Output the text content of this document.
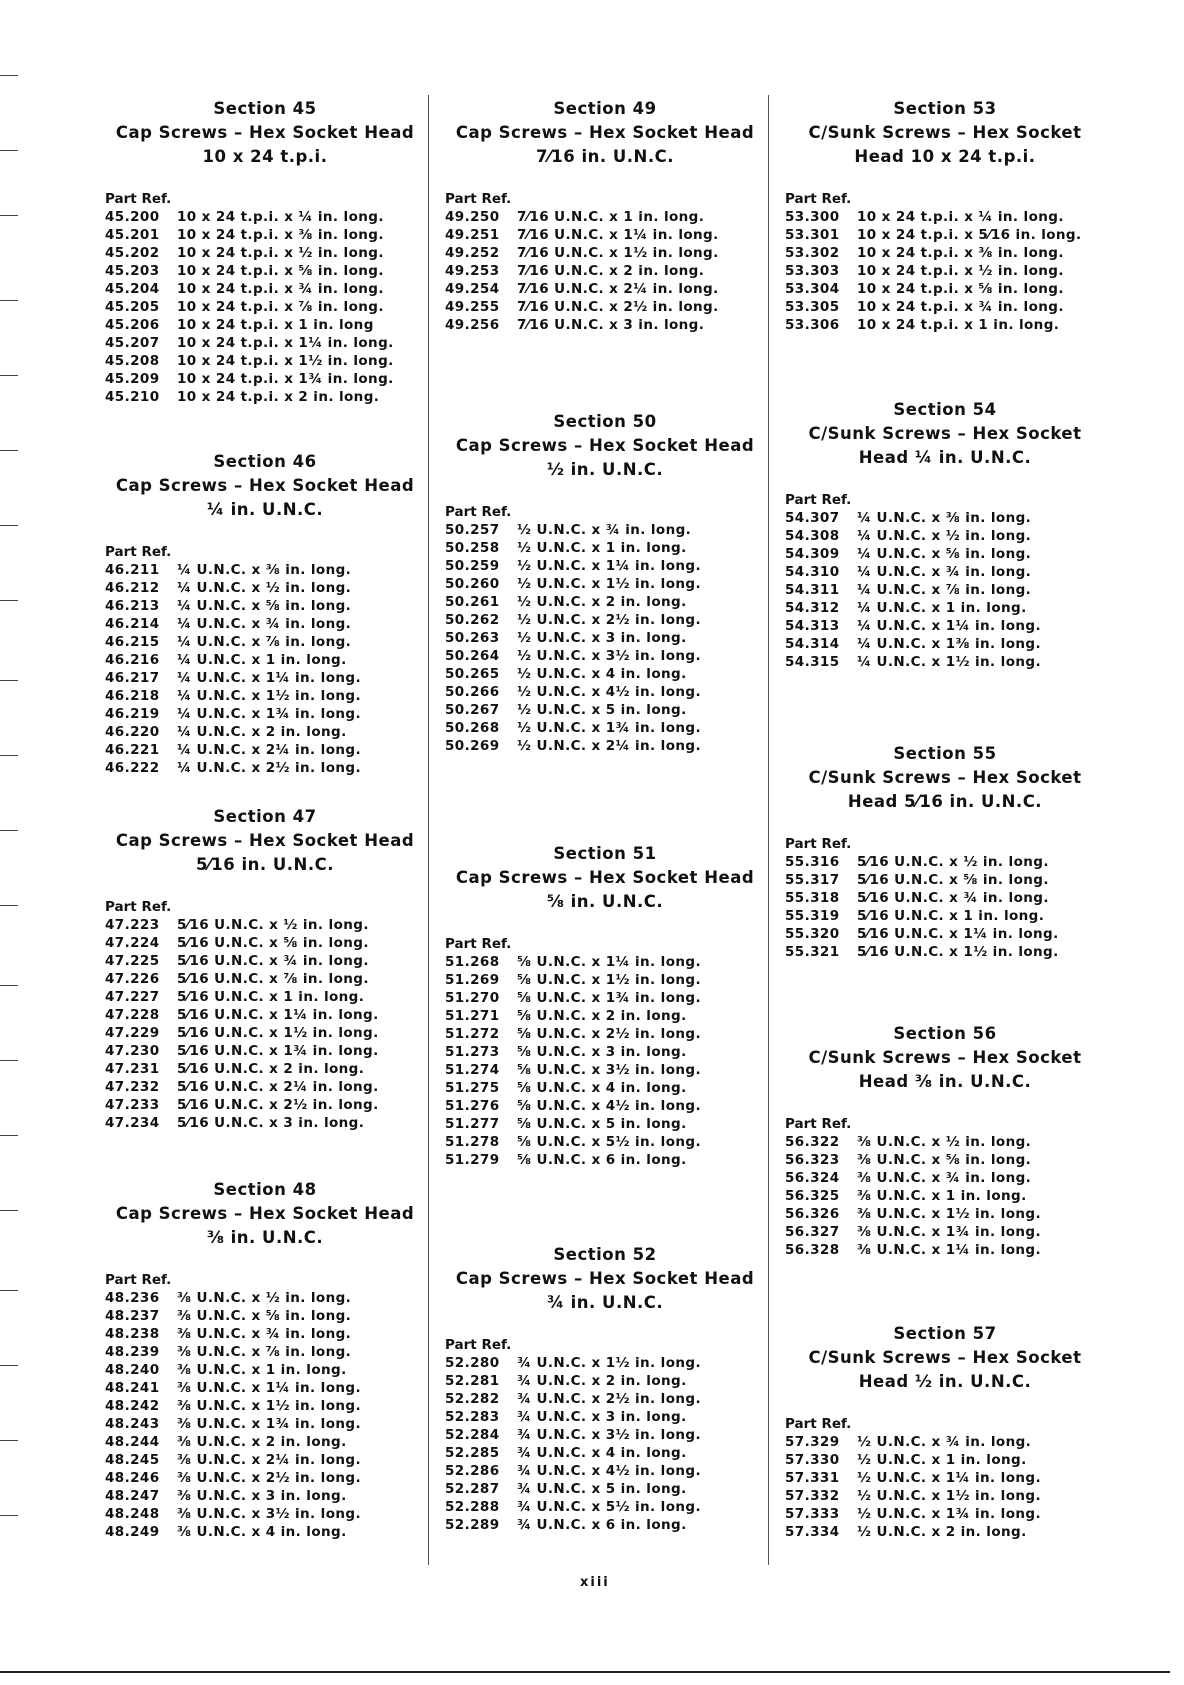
Section 45
Cap Screws – Hex Socket Head
10 x 24 t.p.i.
Part Ref.
45.200	10 x 24 t.p.i. x ¼ in. long.
45.201	10 x 24 t.p.i. x ⅜ in. long.
45.202	10 x 24 t.p.i. x ½ in. long.
45.203	10 x 24 t.p.i. x ⅝ in. long.
45.204	10 x 24 t.p.i. x ¾ in. long.
45.205	10 x 24 t.p.i. x ⅞ in. long.
45.206	10 x 24 t.p.i. x 1 in. long
45.207	10 x 24 t.p.i. x 1¼ in. long.
45.208	10 x 24 t.p.i. x 1½ in. long.
45.209	10 x 24 t.p.i. x 1¾ in. long.
45.210	10 x 24 t.p.i. x 2 in. long.
Section 46
Cap Screws – Hex Socket Head
¼ in. U.N.C.
Part Ref.
46.211	¼ U.N.C. x ⅜ in. long.
46.212	¼ U.N.C. x ½ in. long.
46.213	¼ U.N.C. x ⅝ in. long.
46.214	¼ U.N.C. x ¾ in. long.
46.215	¼ U.N.C. x ⅞ in. long.
46.216	¼ U.N.C. x 1 in. long.
46.217	¼ U.N.C. x 1¼ in. long.
46.218	¼ U.N.C. x 1½ in. long.
46.219	¼ U.N.C. x 1¾ in. long.
46.220	¼ U.N.C. x 2 in. long.
46.221	¼ U.N.C. x 2¼ in. long.
46.222	¼ U.N.C. x 2½ in. long.
Section 47
Cap Screws – Hex Socket Head
5⁄16 in. U.N.C.
Part Ref.
47.223	5⁄16 U.N.C. x ½ in. long.
47.224	5⁄16 U.N.C. x ⅝ in. long.
47.225	5⁄16 U.N.C. x ¾ in. long.
47.226	5⁄16 U.N.C. x ⅞ in. long.
47.227	5⁄16 U.N.C. x 1 in. long.
47.228	5⁄16 U.N.C. x 1¼ in. long.
47.229	5⁄16 U.N.C. x 1½ in. long.
47.230	5⁄16 U.N.C. x 1¾ in. long.
47.231	5⁄16 U.N.C. x 2 in. long.
47.232	5⁄16 U.N.C. x 2¼ in. long.
47.233	5⁄16 U.N.C. x 2½ in. long.
47.234	5⁄16 U.N.C. x 3 in. long.
Section 48
Cap Screws – Hex Socket Head
⅜ in. U.N.C.
Part Ref.
48.236	⅜ U.N.C. x ½ in. long.
48.237	⅜ U.N.C. x ⅝ in. long.
48.238	⅜ U.N.C. x ¾ in. long.
48.239	⅜ U.N.C. x ⅞ in. long.
48.240	⅜ U.N.C. x 1 in. long.
48.241	⅜ U.N.C. x 1¼ in. long.
48.242	⅜ U.N.C. x 1½ in. long.
48.243	⅜ U.N.C. x 1¾ in. long.
48.244	⅜ U.N.C. x 2 in. long.
48.245	⅜ U.N.C. x 2¼ in. long.
48.246	⅜ U.N.C. x 2½ in. long.
48.247	⅜ U.N.C. x 3 in. long.
48.248	⅜ U.N.C. x 3½ in. long.
48.249	⅜ U.N.C. x 4 in. long.
Section 49
Cap Screws – Hex Socket Head
7⁄16 in. U.N.C.
Part Ref.
49.250	7⁄16 U.N.C. x 1 in. long.
49.251	7⁄16 U.N.C. x 1¼ in. long.
49.252	7⁄16 U.N.C. x 1½ in. long.
49.253	7⁄16 U.N.C. x 2 in. long.
49.254	7⁄16 U.N.C. x 2¼ in. long.
49.255	7⁄16 U.N.C. x 2½ in. long.
49.256	7⁄16 U.N.C. x 3 in. long.
Section 50
Cap Screws – Hex Socket Head
½ in. U.N.C.
Part Ref.
50.257	½ U.N.C. x ¾ in. long.
50.258	½ U.N.C. x 1 in. long.
50.259	½ U.N.C. x 1¼ in. long.
50.260	½ U.N.C. x 1½ in. long.
50.261	½ U.N.C. x 2 in. long.
50.262	½ U.N.C. x 2½ in. long.
50.263	½ U.N.C. x 3 in. long.
50.264	½ U.N.C. x 3½ in. long.
50.265	½ U.N.C. x 4 in. long.
50.266	½ U.N.C. x 4½ in. long.
50.267	½ U.N.C. x 5 in. long.
50.268	½ U.N.C. x 1¾ in. long.
50.269	½ U.N.C. x 2¼ in. long.
Section 51
Cap Screws – Hex Socket Head
⅝ in. U.N.C.
Part Ref.
51.268	⅝ U.N.C. x 1¼ in. long.
51.269	⅝ U.N.C. x 1½ in. long.
51.270	⅝ U.N.C. x 1¾ in. long.
51.271	⅝ U.N.C. x 2 in. long.
51.272	⅝ U.N.C. x 2½ in. long.
51.273	⅝ U.N.C. x 3 in. long.
51.274	⅝ U.N.C. x 3½ in. long.
51.275	⅝ U.N.C. x 4 in. long.
51.276	⅝ U.N.C. x 4½ in. long.
51.277	⅝ U.N.C. x 5 in. long.
51.278	⅝ U.N.C. x 5½ in. long.
51.279	⅝ U.N.C. x 6 in. long.
Section 52
Cap Screws – Hex Socket Head
¾ in. U.N.C.
Part Ref.
52.280	¾ U.N.C. x 1½ in. long.
52.281	¾ U.N.C. x 2 in. long.
52.282	¾ U.N.C. x 2½ in. long.
52.283	¾ U.N.C. x 3 in. long.
52.284	¾ U.N.C. x 3½ in. long.
52.285	¾ U.N.C. x 4 in. long.
52.286	¾ U.N.C. x 4½ in. long.
52.287	¾ U.N.C. x 5 in. long.
52.288	¾ U.N.C. x 5½ in. long.
52.289	¾ U.N.C. x 6 in. long.
Section 53
C/Sunk Screws – Hex Socket
Head 10 x 24 t.p.i.
Part Ref.
53.300	10 x 24 t.p.i. x ¼ in. long.
53.301	10 x 24 t.p.i. x 5⁄16 in. long.
53.302	10 x 24 t.p.i. x ⅜ in. long.
53.303	10 x 24 t.p.i. x ½ in. long.
53.304	10 x 24 t.p.i. x ⅝ in. long.
53.305	10 x 24 t.p.i. x ¾ in. long.
53.306	10 x 24 t.p.i. x 1 in. long.
Section 54
C/Sunk Screws – Hex Socket
Head ¼ in. U.N.C.
Part Ref.
54.307	¼ U.N.C. x ⅜ in. long.
54.308	¼ U.N.C. x ½ in. long.
54.309	¼ U.N.C. x ⅝ in. long.
54.310	¼ U.N.C. x ¾ in. long.
54.311	¼ U.N.C. x ⅞ in. long.
54.312	¼ U.N.C. x 1 in. long.
54.313	¼ U.N.C. x 1¼ in. long.
54.314	¼ U.N.C. x 1⅜ in. long.
54.315	¼ U.N.C. x 1½ in. long.
Section 55
C/Sunk Screws – Hex Socket
Head 5⁄16 in. U.N.C.
Part Ref.
55.316	5⁄16 U.N.C. x ½ in. long.
55.317	5⁄16 U.N.C. x ⅝ in. long.
55.318	5⁄16 U.N.C. x ¾ in. long.
55.319	5⁄16 U.N.C. x 1 in. long.
55.320	5⁄16 U.N.C. x 1¼ in. long.
55.321	5⁄16 U.N.C. x 1½ in. long.
Section 56
C/Sunk Screws – Hex Socket
Head ⅜ in. U.N.C.
Part Ref.
56.322	⅜ U.N.C. x ½ in. long.
56.323	⅜ U.N.C. x ⅝ in. long.
56.324	⅜ U.N.C. x ¾ in. long.
56.325	⅜ U.N.C. x 1 in. long.
56.326	⅜ U.N.C. x 1½ in. long.
56.327	⅜ U.N.C. x 1¾ in. long.
56.328	⅜ U.N.C. x 1¼ in. long.
Section 57
C/Sunk Screws – Hex Socket
Head ½ in. U.N.C.
Part Ref.
57.329	½ U.N.C. x ¾ in. long.
57.330	½ U.N.C. x 1 in. long.
57.331	½ U.N.C. x 1¼ in. long.
57.332	½ U.N.C. x 1½ in. long.
57.333	½ U.N.C. x 1¾ in. long.
57.334	½ U.N.C. x 2 in. long.
xiii
